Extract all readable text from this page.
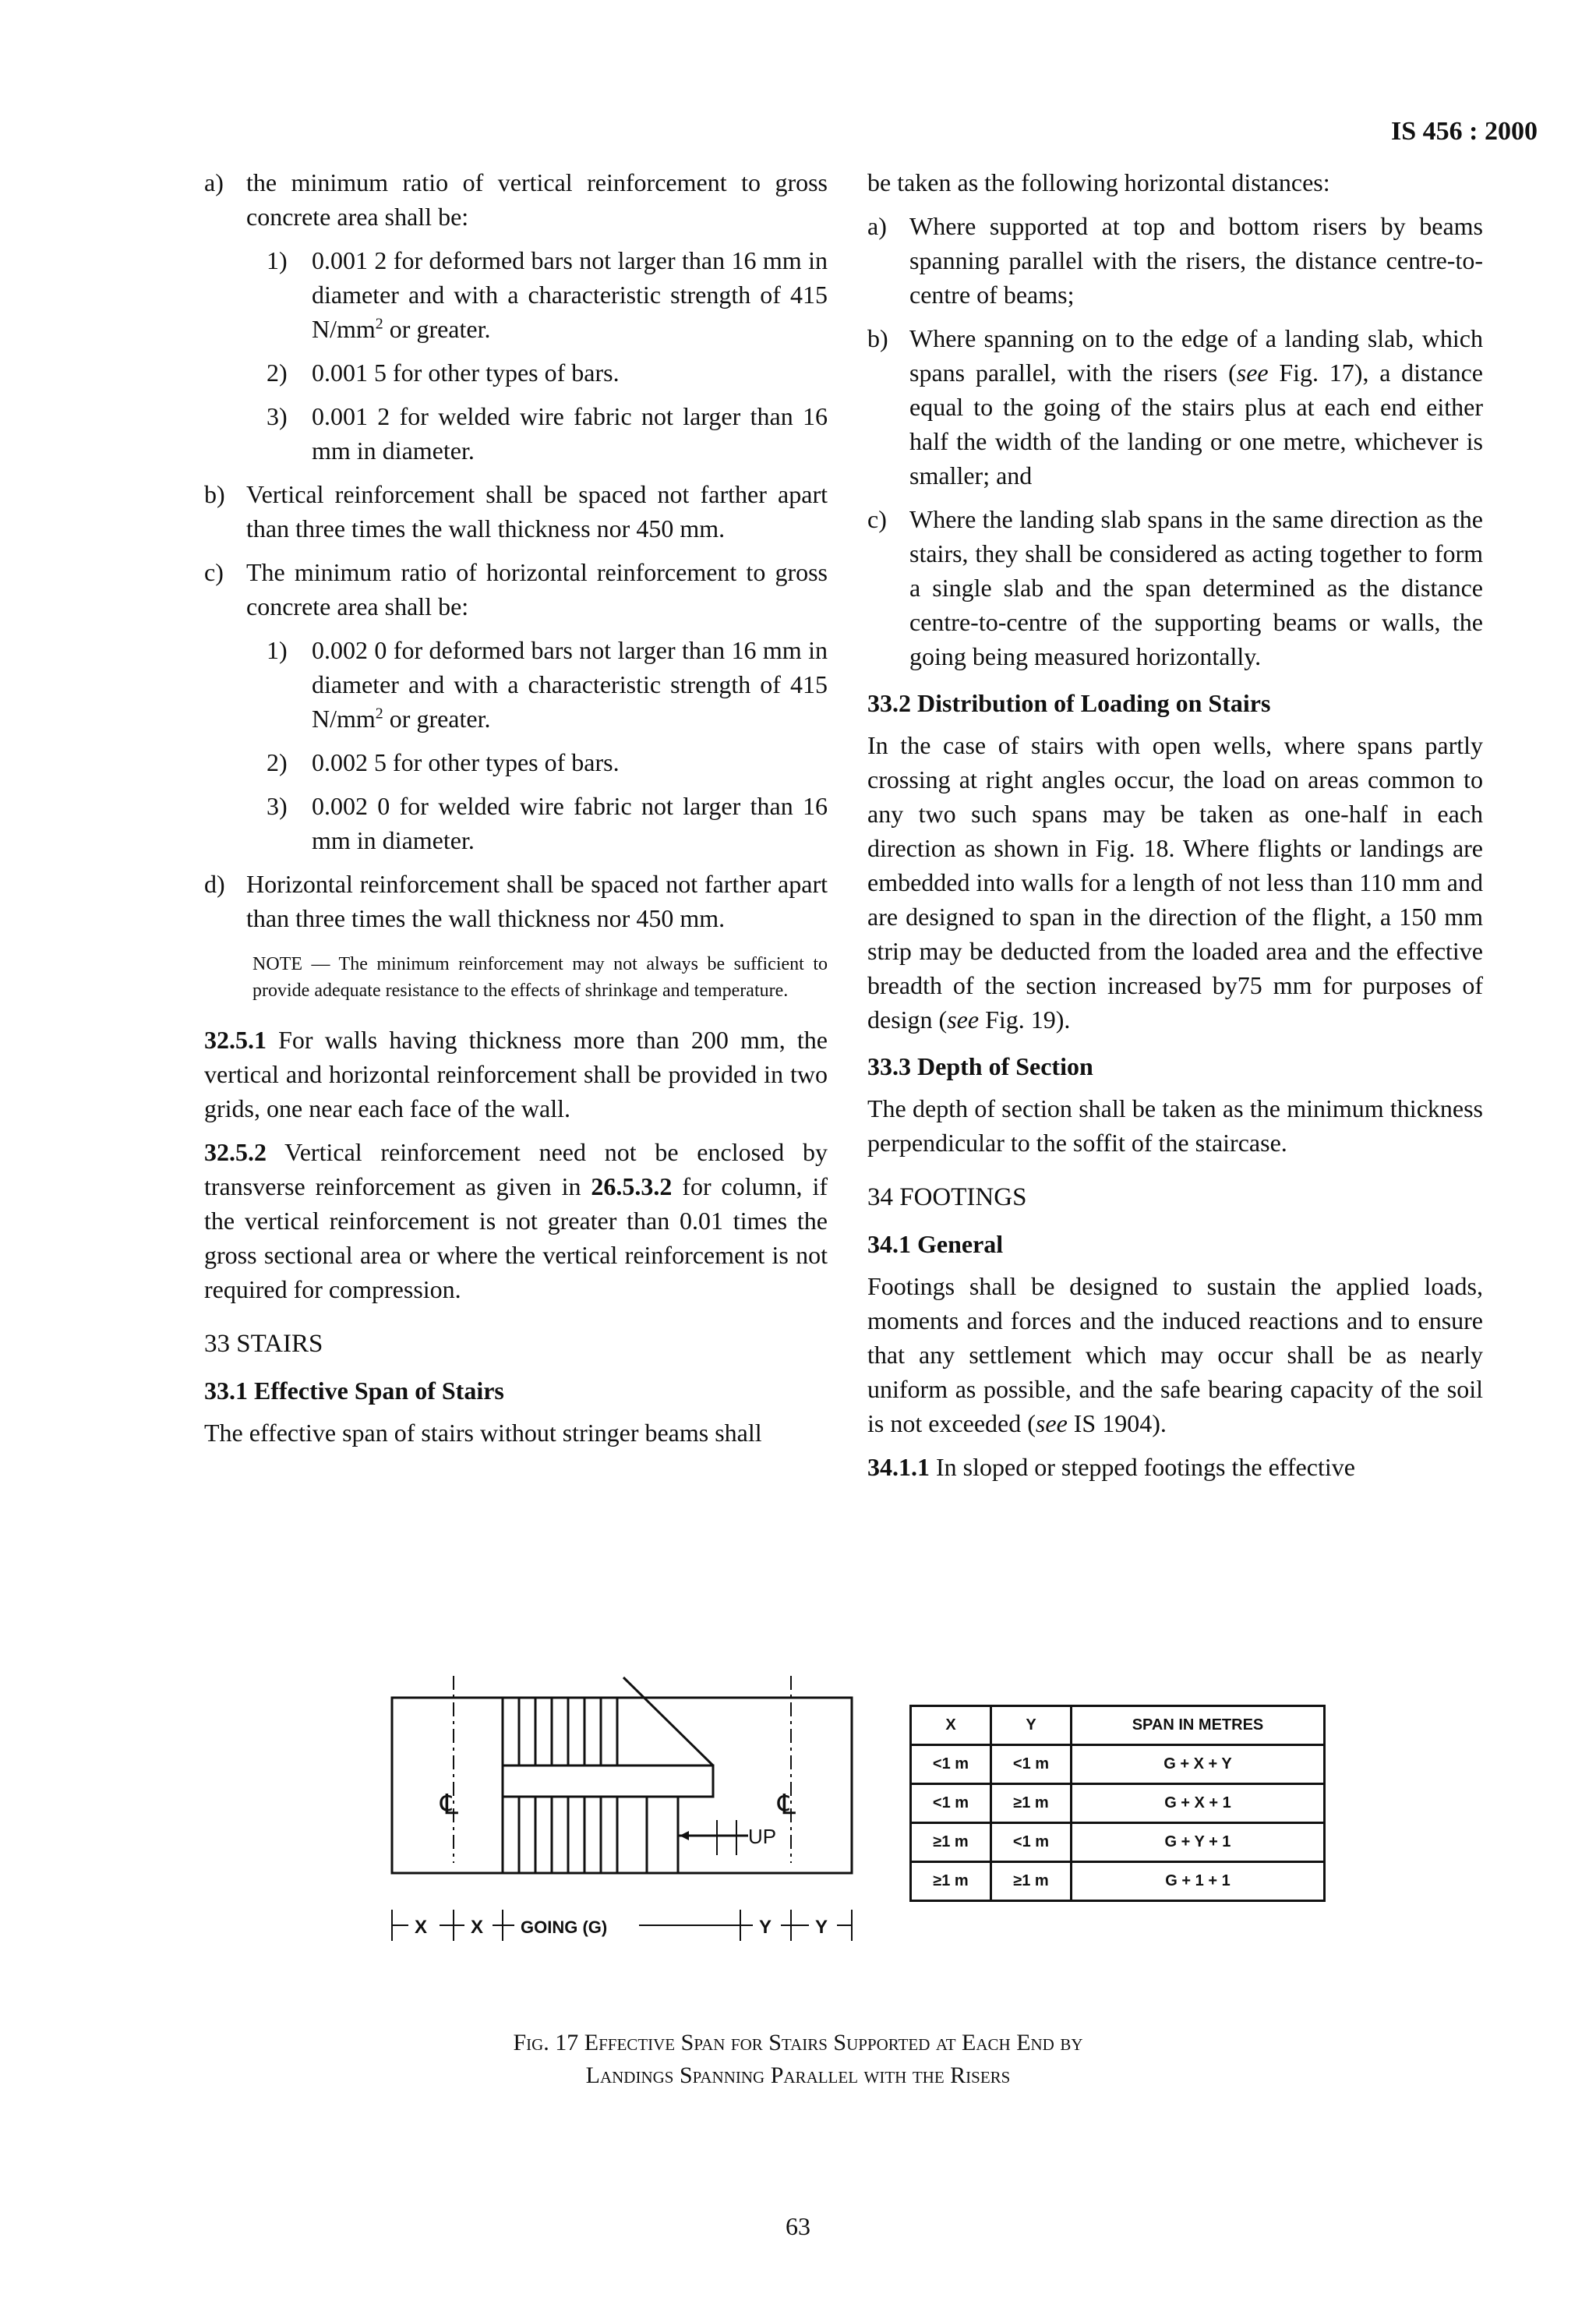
IS 456 : 2000
a) the minimum ratio of vertical reinforcement to gross concrete area shall be:
1) 0.001 2 for deformed bars not larger than 16 mm in diameter and with a characteristic strength of 415 $N/mm^2$ or greater.
2) 0.001 5 for other types of bars.
3) 0.001 2 for welded wire fabric not larger than 16 mm in diameter.
b) Vertical reinforcement shall be spaced not farther apart than three times the wall thickness nor 450 mm.
c) The minimum ratio of horizontal reinforcement to gross concrete area shall be:
1) 0.002 0 for deformed bars not larger than 16 mm in diameter and with a characteristic strength of 415 $N/mm^2$ or greater.
2) 0.002 5 for other types of bars.
3) 0.002 0 for welded wire fabric not larger than 16 mm in diameter.
d) Horizontal reinforcement shall be spaced not farther apart than three times the wall thickness nor 450 mm.
NOTE — The minimum reinforcement may not always be sufficient to provide adequate resistance to the effects of shrinkage and temperature.

32.5.1 For walls having thickness more than 200 mm, the vertical and horizontal reinforcement shall be provided in two grids, one near each face of the wall.

32.5.2 Vertical reinforcement need not be enclosed by transverse reinforcement as given in 26.5.3.2 for column, if the vertical reinforcement is not greater than 0.01 times the gross sectional area or where the vertical reinforcement is not required for compression.

33 STAIRS
33.1 Effective Span of Stairs

The effective span of stairs without stringer beams shall

be taken as the following horizontal distances:

a) Where supported at top and bottom risers by beams spanning parallel with the risers, the distance centre-to-centre of beams;
b) Where spanning on to the edge of a landing slab, which spans parallel, with the risers (see Fig. 17), a distance equal to the going of the stairs plus at each end either half the width of the landing or one metre, whichever is smaller; and
c) Where the landing slab spans in the same direction as the stairs, they shall be considered as acting together to form a single slab and the span determined as the distance centre-to-centre of the supporting beams or walls, the going being measured horizontally.
33.2 Distribution of Loading on Stairs

In the case of stairs with open wells, where spans partly crossing at right angles occur, the load on areas common to any two such spans may be taken as one-half in each direction as shown in Fig. 18. Where flights or landings are embedded into walls for a length of not less than 110 mm and are designed to span in the direction of the flight, a 150 mm strip may be deducted from the loaded area and the effective breadth of the section increased by75 mm for purposes of design (see Fig. 19).

33.3 Depth of Section

The depth of section shall be taken as the minimum thickness perpendicular to the soffit of the staircase.

34 FOOTINGS
34.1 General

Footings shall be designed to sustain the applied loads, moments and forces and the induced reactions and to ensure that any settlement which may occur shall be as nearly uniform as possible, and the safe bearing capacity of the soil is not exceeded (see IS 1904).

34.1.1 In sloped or stepped footings the effective

℄	℄
UP
X X GOING (G)	Y Y
X	Y	SPAN IN METRES
<1 m	<1 m	G + X + Y
<1 m	≥1 m	G + X + 1
≥1 m	<1 m	G + Y + 1
≥1 m	≥1 m	G + 1 + 1
Fig. 17 Effective Span for Stairs Supported at Each End by
Landings Spanning Parallel with the Risers
63
